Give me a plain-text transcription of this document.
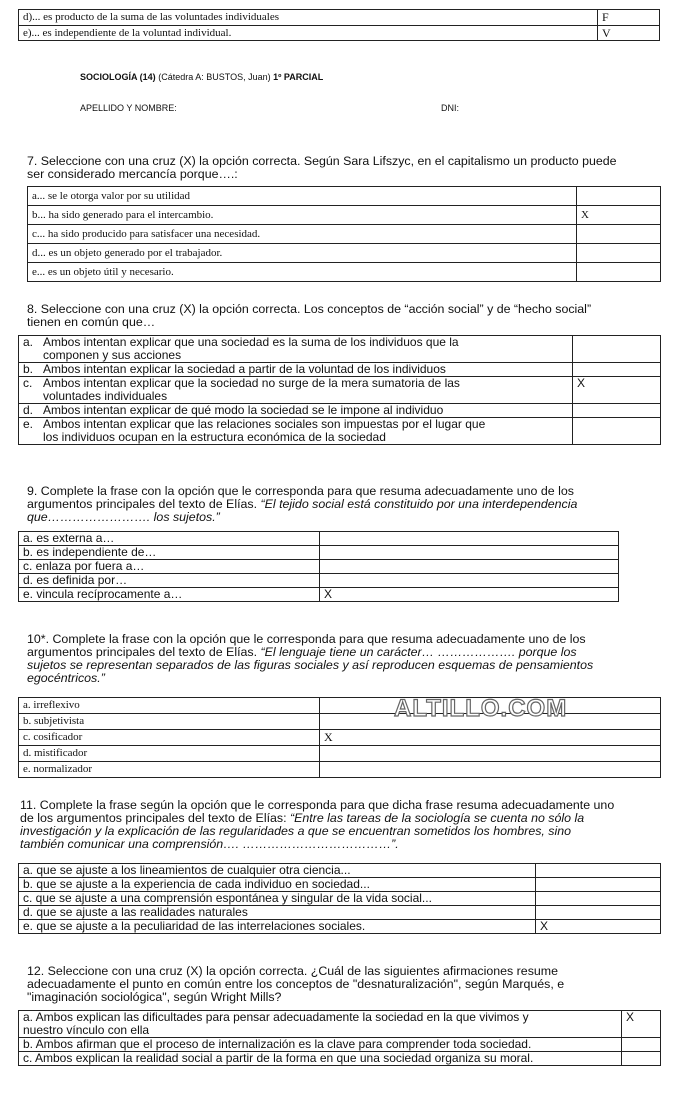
d)... es producto de la suma de las voluntades individuales	F
e)... es independiente de la voluntad individual.	V
SOCIOLOGÍA (14) (Cátedra A: BUSTOS, Juan) 1º PARCIAL
APELLIDO Y NOMBRE:	DNI:
7. Seleccione con una cruz (X) la opción correcta. Según Sara Lifszyc, en el capitalismo un producto puede
ser considerado mercancía porque….:
a... se le otorga valor por su utilidad	
b... ha sido generado para el intercambio.	X
c... ha sido producido para satisfacer una necesidad.	
d... es un objeto generado por el trabajador.	
e... es un objeto útil y necesario.	
8. Seleccione con una cruz (X) la opción correcta. Los conceptos de “acción social” y de “hecho social”
tienen en común que…
a. Ambos intentan explicar que una sociedad es la suma de los individuos que la
componen y sus acciones	

b. Ambos intentan explicar la sociedad a partir de la voluntad de los individuos	

c. Ambos intentan explicar que la sociedad no surge de la mera sumatoria de las
voluntades individuales	X

d. Ambos intentan explicar de qué modo la sociedad se le impone al individuo	

e. Ambos intentan explicar que las relaciones sociales son impuestas por el lugar que
los individuos ocupan en la estructura económica de la sociedad	

9. Complete la frase con la opción que le corresponda para que resuma adecuadamente uno de los
argumentos principales del texto de Elías. “El tejido social está constituido por una interdependencia
que……………………. los sujetos.”
a. es externa a…	
b. es independiente de…	
c. enlaza por fuera a…	
d. es definida por…	
e. vincula recíprocamente a…	X
10*. Complete la frase con la opción que le corresponda para que resuma adecuadamente uno de los
argumentos principales del texto de Elías. “El lenguaje tiene un carácter… ………………. porque los
sujetos se representan separados de las figuras sociales y así reproducen esquemas de pensamientos
egocéntricos.”
a. irreflexivo	
b. subjetivista	
c. cosificador	X
d. mistificador	
e. normalizador	
ALTILLO.COM
11. Complete la frase según la opción que le corresponda para que dicha frase resuma adecuadamente uno
de los argumentos principales del texto de Elías: “Entre las tareas de la sociología se cuenta no sólo la
investigación y la explicación de las regularidades a que se encuentran sometidos los hombres, sino
también comunicar una comprensión…. ………………………………”.
a. que se ajuste a los lineamientos de cualquier otra ciencia...	
b. que se ajuste a la experiencia de cada individuo en sociedad...	
c. que se ajuste a una comprensión espontánea y singular de la vida social...	
d. que se ajuste a las realidades naturales	
e. que se ajuste a la peculiaridad de las interrelaciones sociales.	X
12. Seleccione con una cruz (X) la opción correcta. ¿Cuál de las siguientes afirmaciones resume
adecuadamente el punto en común entre los conceptos de "desnaturalización", según Marqués, e
"imaginación sociológica", según Wright Mills?
a. Ambos explican las dificultades para pensar adecuadamente la sociedad en la que vivimos y
nuestro vínculo con ella	X
b. Ambos afirman que el proceso de internalización es la clave para comprender toda sociedad.	
c. Ambos explican la realidad social a partir de la forma en que una sociedad organiza su moral.	
